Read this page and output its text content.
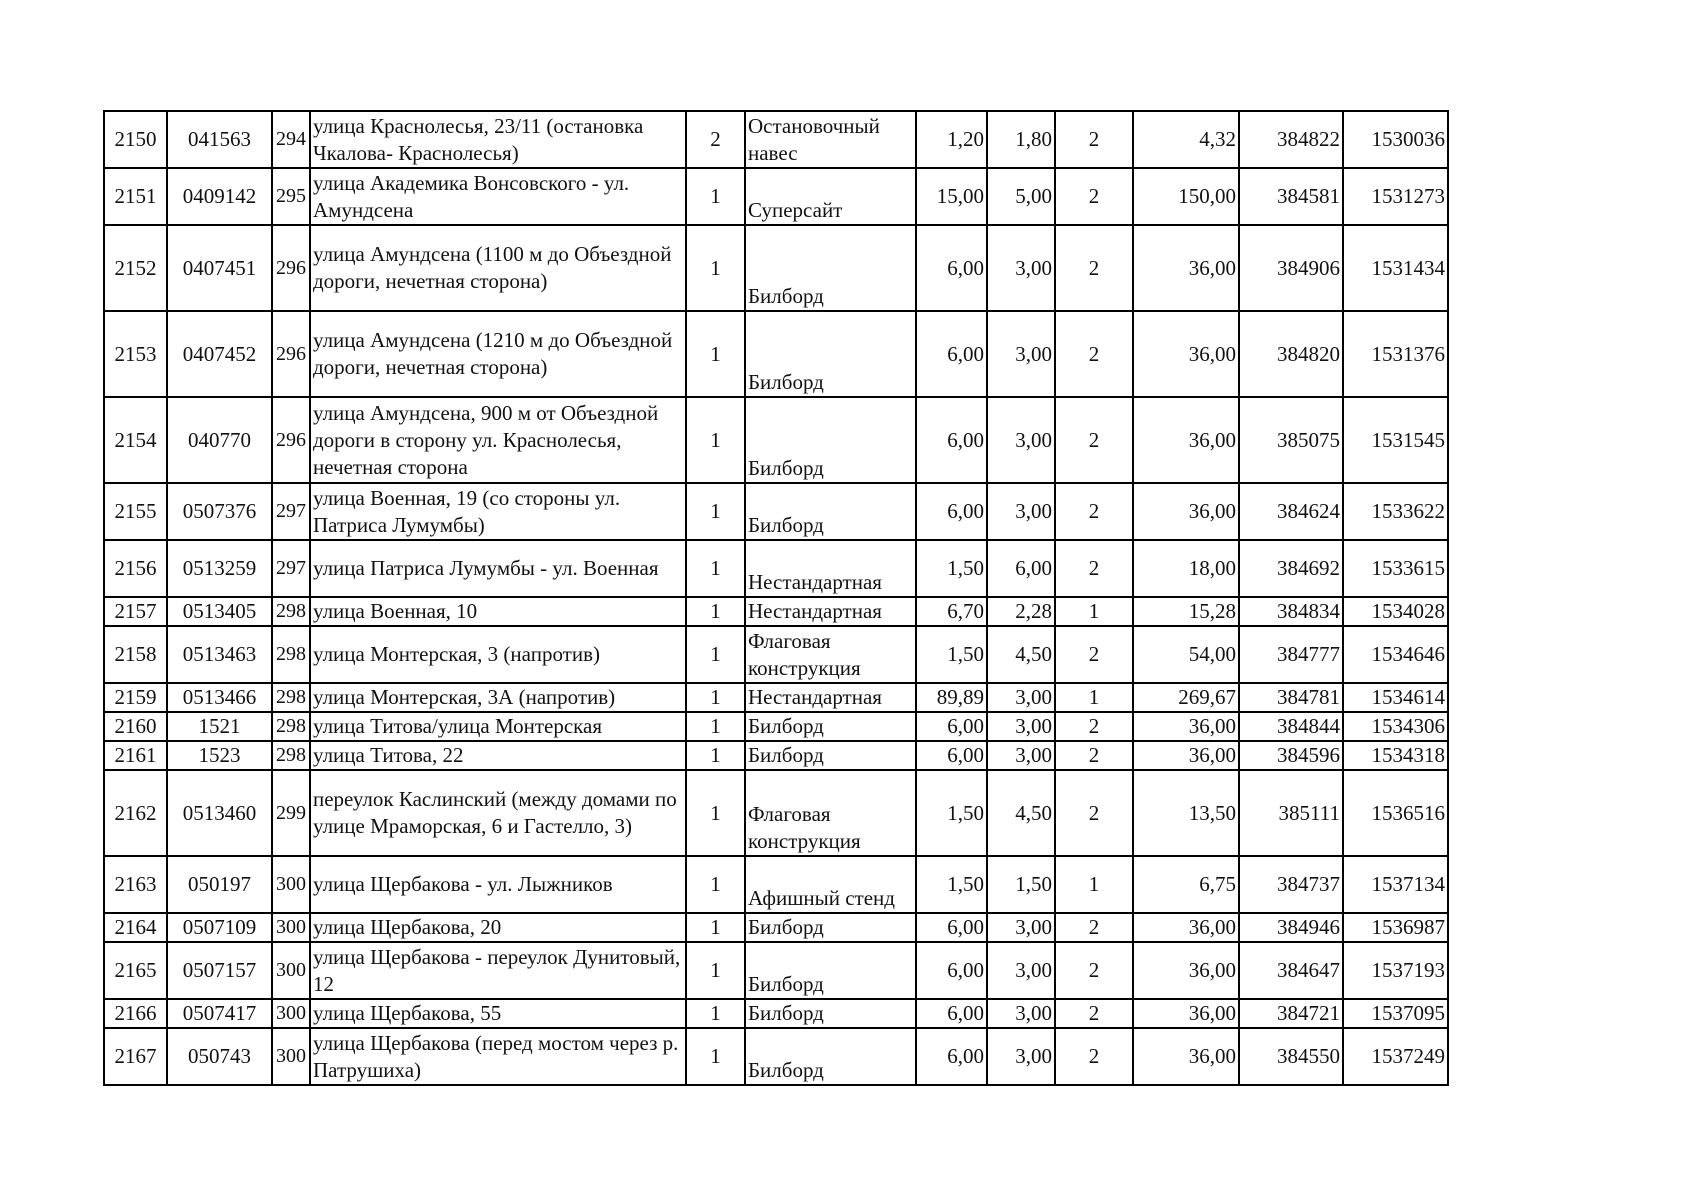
2150	041563	294	улица Краснолесья, 23/11 (остановка Чкалова- Краснолесья)	2	Остановочный навес	1,20	1,80	2	4,32	384822	1530036
2151	0409142	295	улица Академика Вонсовского - ул. Амундсена	1	Суперсайт	15,00	5,00	2	150,00	384581	1531273
2152	0407451	296	улица Амундсена (1100 м до Объездной дороги, нечетная сторона)	1	Билборд	6,00	3,00	2	36,00	384906	1531434
2153	0407452	296	улица Амундсена (1210 м до Объездной дороги, нечетная сторона)	1	Билборд	6,00	3,00	2	36,00	384820	1531376
2154	040770	296	улица Амундсена, 900 м от Объездной дороги в сторону ул. Краснолесья, нечетная сторона	1	Билборд	6,00	3,00	2	36,00	385075	1531545
2155	0507376	297	улица Военная, 19 (со стороны ул. Патриса Лумумбы)	1	Билборд	6,00	3,00	2	36,00	384624	1533622
2156	0513259	297	улица Патриса Лумумбы - ул. Военная	1	Нестандартная	1,50	6,00	2	18,00	384692	1533615
2157	0513405	298	улица Военная, 10	1	Нестандартная	6,70	2,28	1	15,28	384834	1534028
2158	0513463	298	улица Монтерская, 3 (напротив)	1	Флаговая конструкция	1,50	4,50	2	54,00	384777	1534646
2159	0513466	298	улица Монтерская, 3А (напротив)	1	Нестандартная	89,89	3,00	1	269,67	384781	1534614
2160	1521	298	улица Титова/улица Монтерская	1	Билборд	6,00	3,00	2	36,00	384844	1534306
2161	1523	298	улица Титова, 22	1	Билборд	6,00	3,00	2	36,00	384596	1534318
2162	0513460	299	переулок Каслинский (между домами по улице Мраморская, 6 и Гастелло, 3)	1	Флаговая конструкция	1,50	4,50	2	13,50	385111	1536516
2163	050197	300	улица Щербакова - ул. Лыжников	1	Афишный стенд	1,50	1,50	1	6,75	384737	1537134
2164	0507109	300	улица Щербакова, 20	1	Билборд	6,00	3,00	2	36,00	384946	1536987
2165	0507157	300	улица Щербакова - переулок Дунитовый, 12	1	Билборд	6,00	3,00	2	36,00	384647	1537193
2166	0507417	300	улица Щербакова, 55	1	Билборд	6,00	3,00	2	36,00	384721	1537095
2167	050743	300	улица Щербакова (перед мостом через р. Патрушиха)	1	Билборд	6,00	3,00	2	36,00	384550	1537249
